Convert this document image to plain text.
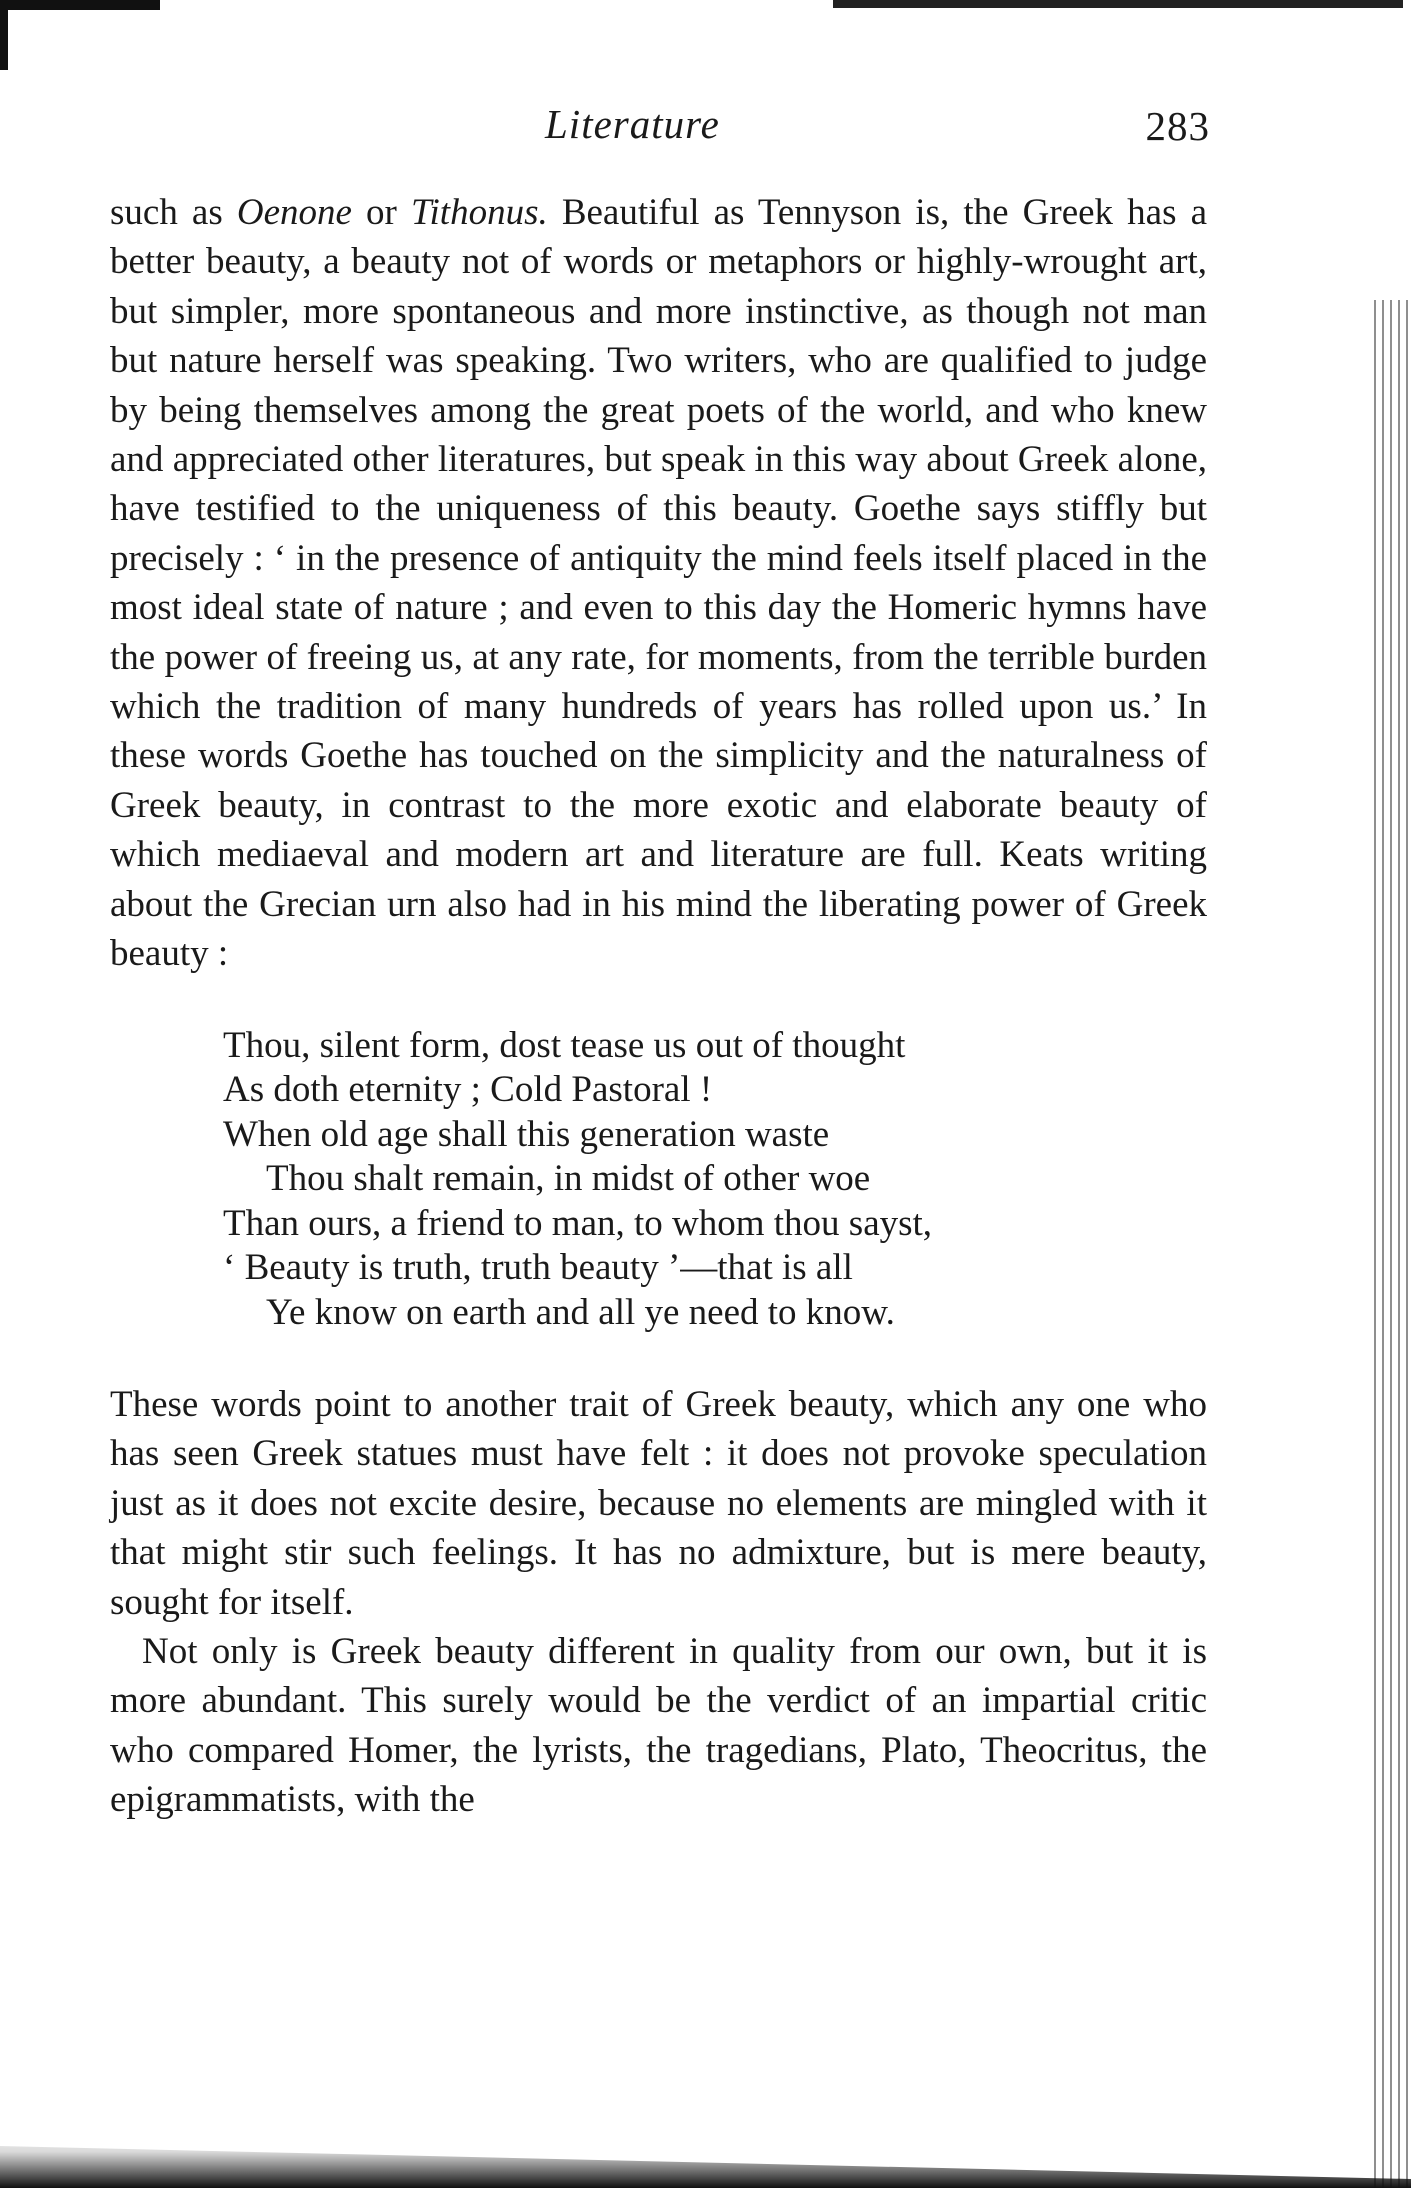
Literature	283

such as Oenone or Tithonus. Beautiful as Tennyson is, the Greek has a better beauty, a beauty not of words or metaphors or highly-wrought art, but simpler, more spontaneous and more instinctive, as though not man but nature herself was speaking. Two writers, who are qualified to judge by being themselves among the great poets of the world, and who knew and appreciated other literatures, but speak in this way about Greek alone, have testified to the uniqueness of this beauty. Goethe says stiffly but precisely : ‘ in the presence of antiquity the mind feels itself placed in the most ideal state of nature ; and even to this day the Homeric hymns have the power of freeing us, at any rate, for moments, from the terrible burden which the tradition of many hundreds of years has rolled upon us.’ In these words Goethe has touched on the simplicity and the naturalness of Greek beauty, in contrast to the more exotic and elaborate beauty of which mediaeval and modern art and literature are full. Keats writing about the Grecian urn also had in his mind the liberating power of Greek beauty :

Thou, silent form, dost tease us out of thought
As doth eternity ; Cold Pastoral !
When old age shall this generation waste
Thou shalt remain, in midst of other woe
Than ours, a friend to man, to whom thou sayst,
‘ Beauty is truth, truth beauty ’—that is all
Ye know on earth and all ye need to know.

These words point to another trait of Greek beauty, which any one who has seen Greek statues must have felt : it does not provoke speculation just as it does not excite desire, because no elements are mingled with it that might stir such feelings. It has no admixture, but is mere beauty, sought for itself.

Not only is Greek beauty different in quality from our own, but it is more abundant. This surely would be the verdict of an impartial critic who compared Homer, the lyrists, the tragedians, Plato, Theocritus, the epigrammatists, with the
